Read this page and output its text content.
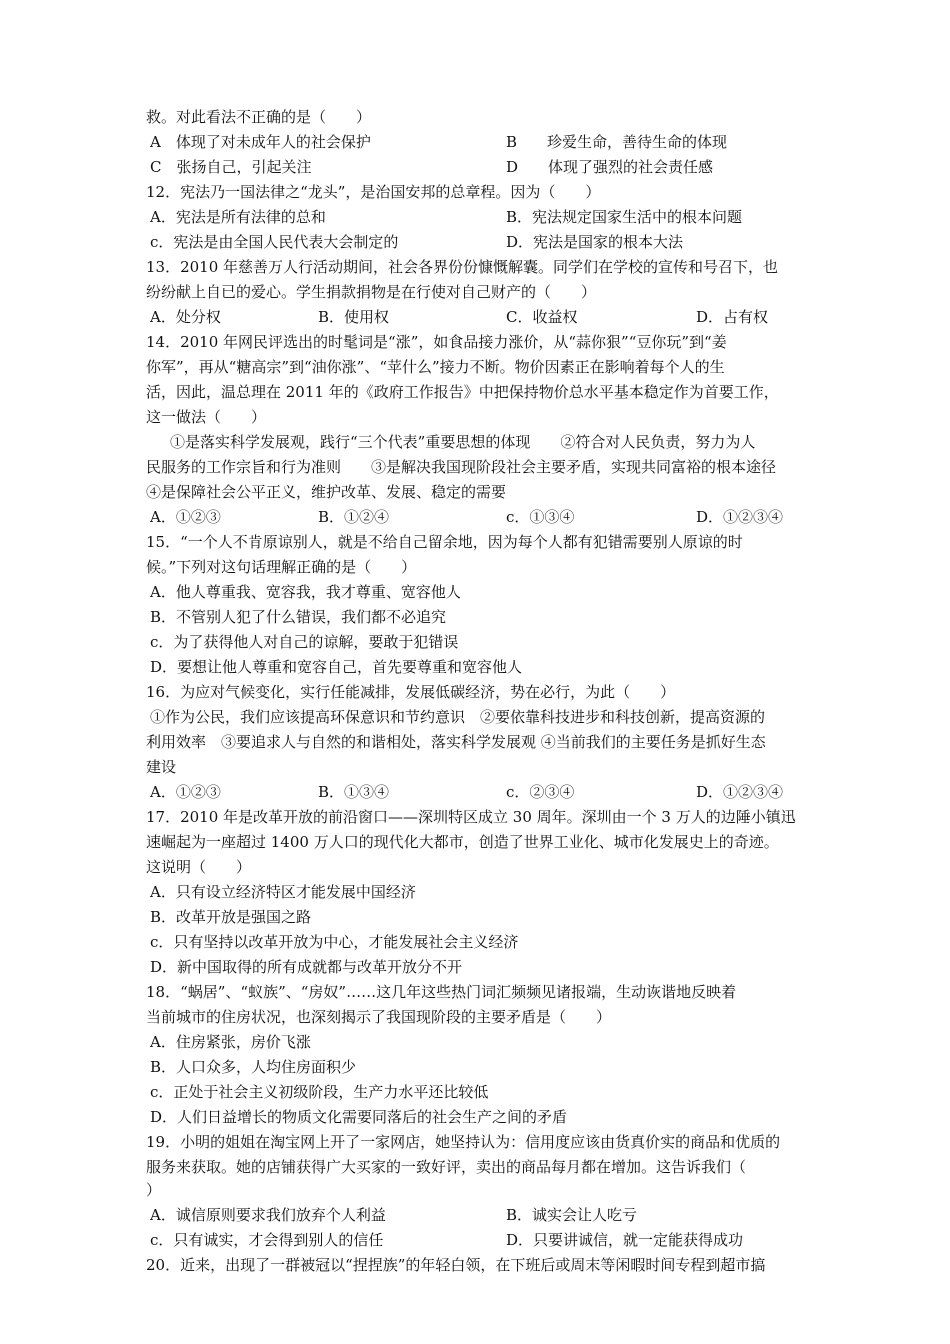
救。对此看法不正确的是（　　）
A　体现了对未成年人的社会保护	B　　珍爱生命，善待生命的体现
C　张扬自己，引起关注	D　　体现了强烈的社会责任感
12．宪法乃一国法律之“龙头”，是治国安邦的总章程。因为（　　）
A．宪法是所有法律的总和	B．宪法规定国家生活中的根本问题
c．宪法是由全国人民代表大会制定的	D．宪法是国家的根本大法
13．2010 年慈善万人行活动期间，社会各界份份慷慨解囊。同学们在学校的宣传和号召下，也
纷纷献上自已的爱心。学生捐款捐物是在行使对自己财产的（　　）
A．处分权	B．使用权	C．收益权	D．占有权
14．2010 年网民评选出的时髦词是“涨”，如食品接力涨价，从“蒜你狠”“豆你玩”到“姜
你军”，再从“糖高宗”到“油你涨”、“苹什么”接力不断。物价因素正在影响着每个人的生
活，因此，温总理在 2011 年的《政府工作报告》中把保持物价总水平基本稳定作为首要工作，
这一做法（　　）
①是落实科学发展观，践行“三个代表”重要思想的体现　　②符合对人民负责，努力为人
民服务的工作宗旨和行为准则　　③是解决我国现阶段社会主要矛盾，实现共同富裕的根本途径
④是保障社会公平正义，维护改革、发展、稳定的需要
A．①②③	B．①②④	c．①③④	D．①②③④
15．“一个人不肯原谅别人，就是不给自己留余地，因为每个人都有犯错需要别人原谅的时
候。”下列对这句话理解正确的是（　　）
A．他人尊重我、宽容我，我才尊重、宽容他人
B．不管别人犯了什么错误，我们都不必追究
c．为了获得他人对自己的谅解，要敢于犯错误
D．要想让他人尊重和宽容自己，首先要尊重和宽容他人
16．为应对气候变化，实行任能减排，发展低碳经济，势在必行，为此（　　）
①作为公民，我们应该提高环保意识和节约意识　②要依靠科技进步和科技创新，提高资源的
利用效率　③要追求人与自然的和谐相处，落实科学发展观 ④当前我们的主要任务是抓好生态
建设
A．①②③	B．①③④	c．②③④	D．①②③④
17．2010 年是改革开放的前沿窗口——深圳特区成立 30 周年。深圳由一个 3 万人的边陲小镇迅
速崛起为一座超过 1400 万人口的现代化大都市，创造了世界工业化、城市化发展史上的奇迹。
这说明（　　）
A．只有设立经济特区才能发展中国经济
B．改革开放是强国之路
c．只有坚持以改革开放为中心，才能发展社会主义经济
D．新中国取得的所有成就都与改革开放分不开
18．“蜗居”、“蚁族”、“房奴”……这几年这些热门词汇频频见诸报端，生动诙谐地反映着
当前城市的住房状况，也深刻揭示了我国现阶段的主要矛盾是（　　）
A．住房紧张，房价飞涨
B．人口众多，人均住房面积少
c．正处于社会主义初级阶段，生产力水平还比较低
D．人们日益增长的物质文化需要同落后的社会生产之间的矛盾
19．小明的姐姐在淘宝网上开了一家网店，她坚持认为：信用度应该由货真价实的商品和优质的
服务来获取。她的店铺获得广大买家的一致好评，卖出的商品每月都在增加。这告诉我们（
）
A．诚信原则要求我们放弃个人利益	B．诚实会让人吃亏
c．只有诚实，才会得到别人的信任	D．只要讲诚信，就一定能获得成功
20．近来，出现了一群被冠以“捏捏族”的年轻白领，在下班后或周末等闲暇时间专程到超市搞
